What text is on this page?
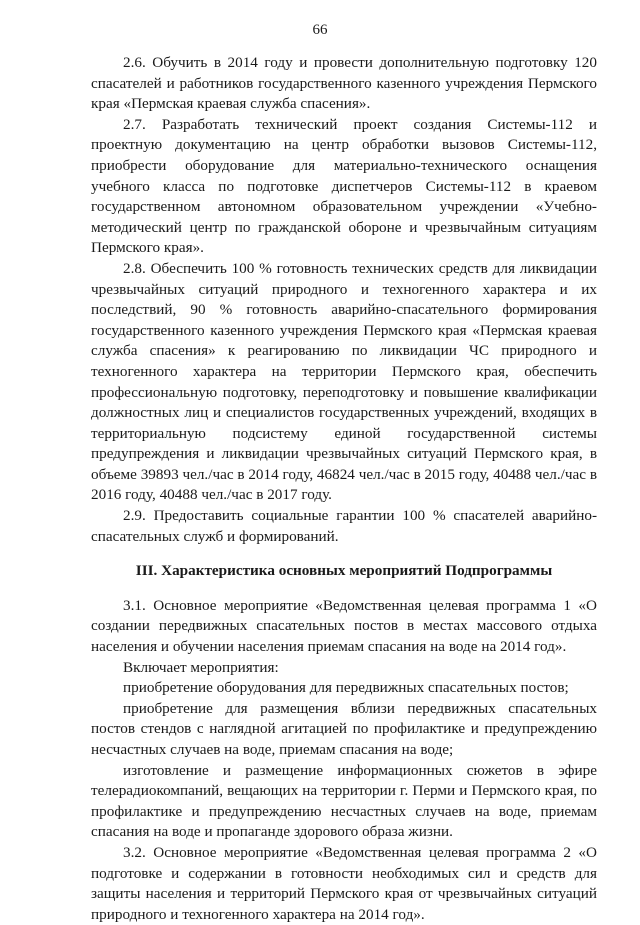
66

2.6. Обучить в 2014 году и провести дополнительную подготовку 120 спасателей и работников государственного казенного учреждения Пермского края «Пермская краевая служба спасения».

2.7. Разработать технический проект создания Системы-112 и проектную документацию на центр обработки вызовов Системы-112, приобрести оборудование для материально-технического оснащения учебного класса по подготовке диспетчеров Системы-112 в краевом государственном автономном образовательном учреждении «Учебно-методический центр по гражданской обороне и чрезвычайным ситуациям Пермского края».

2.8. Обеспечить 100 % готовность технических средств для ликвидации чрезвычайных ситуаций природного и техногенного характера и их последствий, 90 % готовность аварийно-спасательного формирования государственного казенного учреждения Пермского края «Пермская краевая служба спасения» к реагированию по ликвидации ЧС природного и техногенного характера на территории Пермского края, обеспечить профессиональную подготовку, переподготовку и повышение квалификации должностных лиц и специалистов государственных учреждений, входящих в территориальную подсистему единой государственной системы предупреждения и ликвидации чрезвычайных ситуаций Пермского края, в объеме 39893 чел./час в 2014 году, 46824 чел./час в 2015 году, 40488 чел./час в 2016 году, 40488 чел./час в 2017 году.

2.9. Предоставить социальные гарантии 100 % спасателей аварийно-спасательных служб и формирований.

III. Характеристика основных мероприятий Подпрограммы

3.1. Основное мероприятие «Ведомственная целевая программа 1 «О создании передвижных спасательных постов в местах массового отдыха населения и обучении населения приемам спасания на воде на 2014 год».

Включает мероприятия:

приобретение оборудования для передвижных спасательных постов;

приобретение для размещения вблизи передвижных спасательных постов стендов с наглядной агитацией по профилактике и предупреждению несчастных случаев на воде, приемам спасания на воде;

изготовление и размещение информационных сюжетов в эфире телерадиокомпаний, вещающих на территории г. Перми и Пермского края, по профилактике и предупреждению несчастных случаев на воде, приемам спасания на воде и пропаганде здорового образа жизни.

3.2. Основное мероприятие «Ведомственная целевая программа 2 «О подготовке и содержании в готовности необходимых сил и средств для защиты населения и территорий Пермского края от чрезвычайных ситуаций природного и техногенного характера на 2014 год».
